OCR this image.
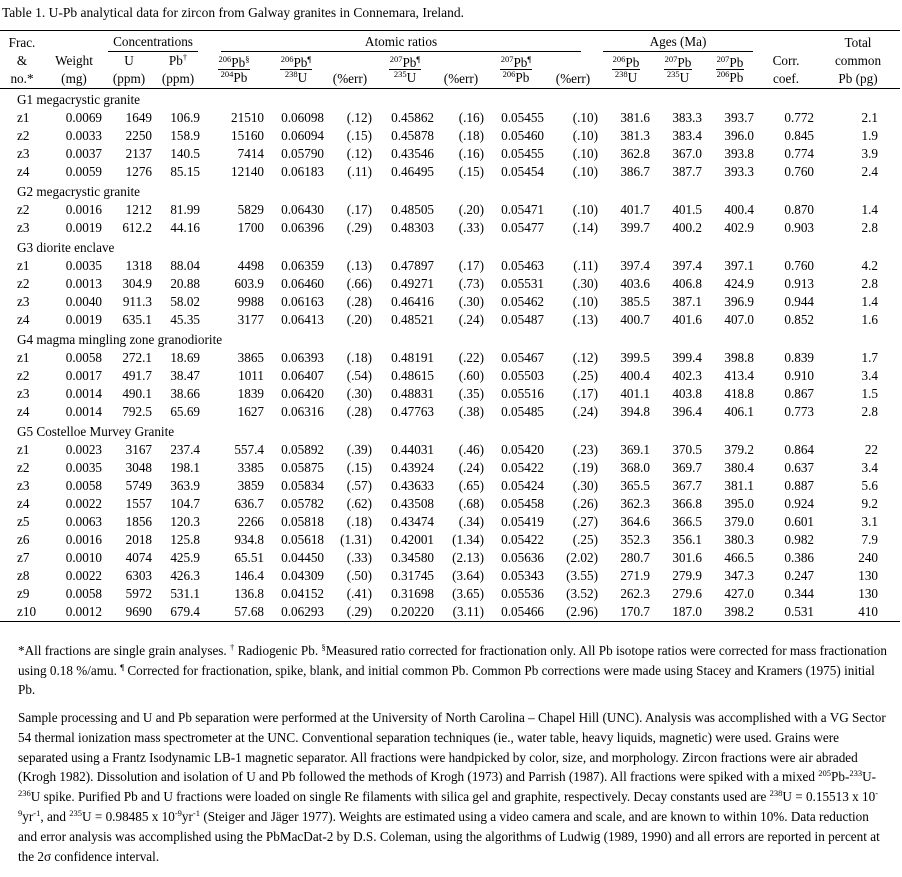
Table 1. U-Pb analytical data for zircon from Galway granites in Connemara, Ireland.
Frac.		Concentrations		Atomic ratios							Ages (Ma)				Total
&	Weight	U	Pb†	$\frac{^{206}Pb^\S}{^{204}Pb}$	$\frac{^{206}Pb^\P}{^{238}U}$		$\frac{^{207}Pb^\P}{^{235}U}$		$\frac{^{207}Pb^\P}{^{206}Pb}$		$\frac{^{206}Pb}{^{238}U}$	$\frac{^{207}Pb}{^{235}U}$	$\frac{^{207}Pb}{^{206}Pb}$	Corr.	common
no.*	(mg)	(ppm)	(ppm)			(%err)		(%err)		(%err)				coef.	Pb (pg)
G1 megacrystic granite															
z1	0.0069	1649	106.9	21510	0.06098	(.12)	0.45862	(.16)	0.05455	(.10)	381.6	383.3	393.7	0.772	2.1
z2	0.0033	2250	158.9	15160	0.06094	(.15)	0.45878	(.18)	0.05460	(.10)	381.3	383.4	396.0	0.845	1.9
z3	0.0037	2137	140.5	7414	0.05790	(.12)	0.43546	(.16)	0.05455	(.10)	362.8	367.0	393.8	0.774	3.9
z4	0.0059	1276	85.15	12140	0.06183	(.11)	0.46495	(.15)	0.05454	(.10)	386.7	387.7	393.3	0.760	2.4
G2 megacrystic granite															
z2	0.0016	1212	81.99	5829	0.06430	(.17)	0.48505	(.20)	0.05471	(.10)	401.7	401.5	400.4	0.870	1.4
z3	0.0019	612.2	44.16	1700	0.06396	(.29)	0.48303	(.33)	0.05477	(.14)	399.7	400.2	402.9	0.903	2.8
G3 diorite enclave															
z1	0.0035	1318	88.04	4498	0.06359	(.13)	0.47897	(.17)	0.05463	(.11)	397.4	397.4	397.1	0.760	4.2
z2	0.0013	304.9	20.88	603.9	0.06460	(.66)	0.49271	(.73)	0.05531	(.30)	403.6	406.8	424.9	0.913	2.8
z3	0.0040	911.3	58.02	9988	0.06163	(.28)	0.46416	(.30)	0.05462	(.10)	385.5	387.1	396.9	0.944	1.4
z4	0.0019	635.1	45.35	3177	0.06413	(.20)	0.48521	(.24)	0.05487	(.13)	400.7	401.6	407.0	0.852	1.6
G4 magma mingling zone granodiorite															
z1	0.0058	272.1	18.69	3865	0.06393	(.18)	0.48191	(.22)	0.05467	(.12)	399.5	399.4	398.8	0.839	1.7
z2	0.0017	491.7	38.47	1011	0.06407	(.54)	0.48615	(.60)	0.05503	(.25)	400.4	402.3	413.4	0.910	3.4
z3	0.0014	490.1	38.66	1839	0.06420	(.30)	0.48831	(.35)	0.05516	(.17)	401.1	403.8	418.8	0.867	1.5
z4	0.0014	792.5	65.69	1627	0.06316	(.28)	0.47763	(.38)	0.05485	(.24)	394.8	396.4	406.1	0.773	2.8
G5 Costelloe Murvey Granite															
z1	0.0023	3167	237.4	557.4	0.05892	(.39)	0.44031	(.46)	0.05420	(.23)	369.1	370.5	379.2	0.864	22
z2	0.0035	3048	198.1	3385	0.05875	(.15)	0.43924	(.24)	0.05422	(.19)	368.0	369.7	380.4	0.637	3.4
z3	0.0058	5749	363.9	3859	0.05834	(.57)	0.43633	(.65)	0.05424	(.30)	365.5	367.7	381.1	0.887	5.6
z4	0.0022	1557	104.7	636.7	0.05782	(.62)	0.43508	(.68)	0.05458	(.26)	362.3	366.8	395.0	0.924	9.2
z5	0.0063	1856	120.3	2266	0.05818	(.18)	0.43474	(.34)	0.05419	(.27)	364.6	366.5	379.0	0.601	3.1
z6	0.0016	2018	125.8	934.8	0.05618	(1.31)	0.42001	(1.34)	0.05422	(.25)	352.3	356.1	380.3	0.982	7.9
z7	0.0010	4074	425.9	65.51	0.04450	(.33)	0.34580	(2.13)	0.05636	(2.02)	280.7	301.6	466.5	0.386	240
z8	0.0022	6303	426.3	146.4	0.04309	(.50)	0.31745	(3.64)	0.05343	(3.55)	271.9	279.9	347.3	0.247	130
z9	0.0058	5972	531.1	136.8	0.04152	(.41)	0.31698	(3.65)	0.05536	(3.52)	262.3	279.6	427.0	0.344	130
z10	0.0012	9690	679.4	57.68	0.06293	(.29)	0.20220	(3.11)	0.05466	(2.96)	170.7	187.0	398.2	0.531	410
*All fractions are single grain analyses. † Radiogenic Pb. §Measured ratio corrected for fractionation only. All Pb isotope ratios were corrected for mass fractionation using 0.18 %/amu. ¶ Corrected for fractionation, spike, blank, and initial common Pb. Common Pb corrections were made using Stacey and Kramers (1975) initial Pb.
Sample processing and U and Pb separation were performed at the University of North Carolina – Chapel Hill (UNC). Analysis was accomplished with a VG Sector 54 thermal ionization mass spectrometer at the UNC. Conventional separation techniques (ie., water table, heavy liquids, magnetic) were used. Grains were separated using a Frantz Isodynamic LB-1 magnetic separator. All fractions were handpicked by color, size, and morphology. Zircon fractions were air abraded (Krogh 1982). Dissolution and isolation of U and Pb followed the methods of Krogh (1973) and Parrish (1987). All fractions were spiked with a mixed $^{205}$Pb-$^{233}$U-$^{236}$U spike. Purified Pb and U fractions were loaded on single Re filaments with silica gel and graphite, respectively. Decay constants used are $^{238}$U = 0.15513 x $10^{-9}yr^{-1}$, and $^{235}$U = 0.98485 x $10^{-9}yr^{-1}$ (Steiger and Jäger 1977). Weights are estimated using a video camera and scale, and are known to within 10%. Data reduction and error analysis was accomplished using the PbMacDat-2 by D.S. Coleman, using the algorithms of Ludwig (1989, 1990) and all errors are reported in percent at the 2σ confidence interval.
